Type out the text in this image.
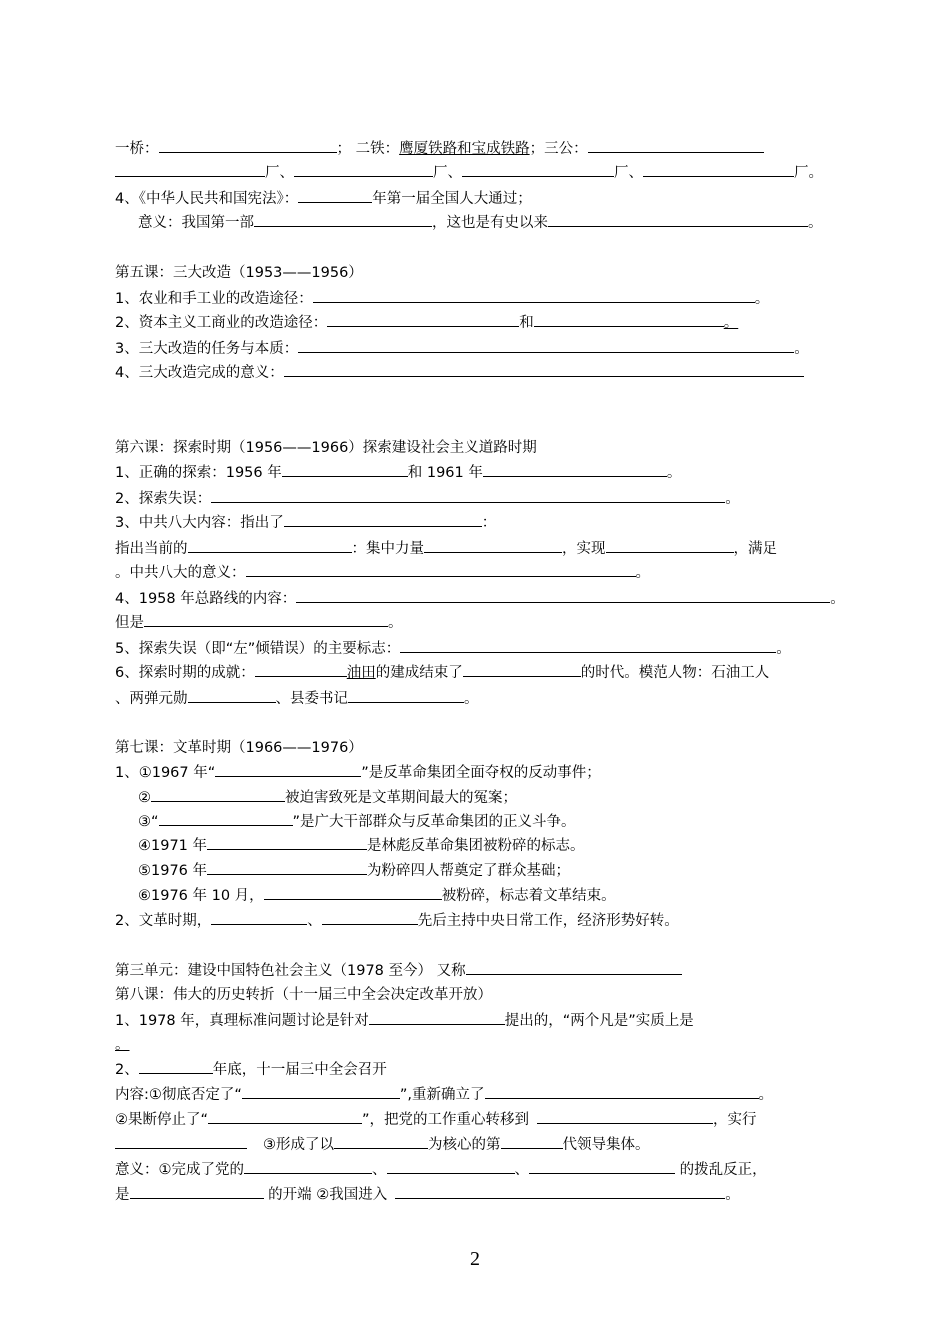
一桥：	； 二铁：鹰厦铁路和宝成铁路；三公：
厂、	厂、	厂、	厂。
4、《中华人民共和国宪法》：	年第一届全国人大通过；
意义：我国第一部	，这也是有史以来	。
第五课：三大改造（1953——1956）
1、农业和手工业的改造途径：	。
2、资本主义工商业的改造途径：	和	。
3、三大改造的任务与本质：	。
4、三大改造完成的意义：
第六课：探索时期（1956——1966）探索建设社会主义道路时期
1、正确的探索：1956 年	和 1961 年	。
2、探索失误：	。
3、中共八大内容：指出了	：
指出当前的	：集中力量	，实现	，满足
。中共八大的意义：	。
4、1958 年总路线的内容：	。
但是	。
5、探索失误（即“左”倾错误）的主要标志：	。
6、探索时期的成就：	油田的建成结束了	的时代。模范人物：石油工人
、两弹元勋	、县委书记	。
第七课：文革时期（1966——1976）
1、①1967 年“	”是反革命集团全面夺权的反动事件；
②	被迫害致死是文革期间最大的冤案；
③“	”是广大干部群众与反革命集团的正义斗争。
④1971 年	是林彪反革命集团被粉碎的标志。
⑤1976 年	为粉碎四人帮奠定了群众基础；
⑥1976 年 10 月，	被粉碎，标志着文革结束。
2、文革时期，	、	先后主持中央日常工作，经济形势好转。
第三单元：建设中国特色社会主义（1978 至今） 又称
第八课：伟大的历史转折（十一届三中全会决定改革开放）
1、1978 年，真理标准问题讨论是针对	提出的，“两个凡是”实质上是
。
2、	年底，十一届三中全会召开
内容:①彻底否定了“	”,重新确立了	。
②果断停止了“	”，把党的工作重心转移到	，实行
③形成了以	为核心的第	代领导集体。
意义：①完成了党的	、	、	的拨乱反正，
是	的开端 ②我国进入	。
2
